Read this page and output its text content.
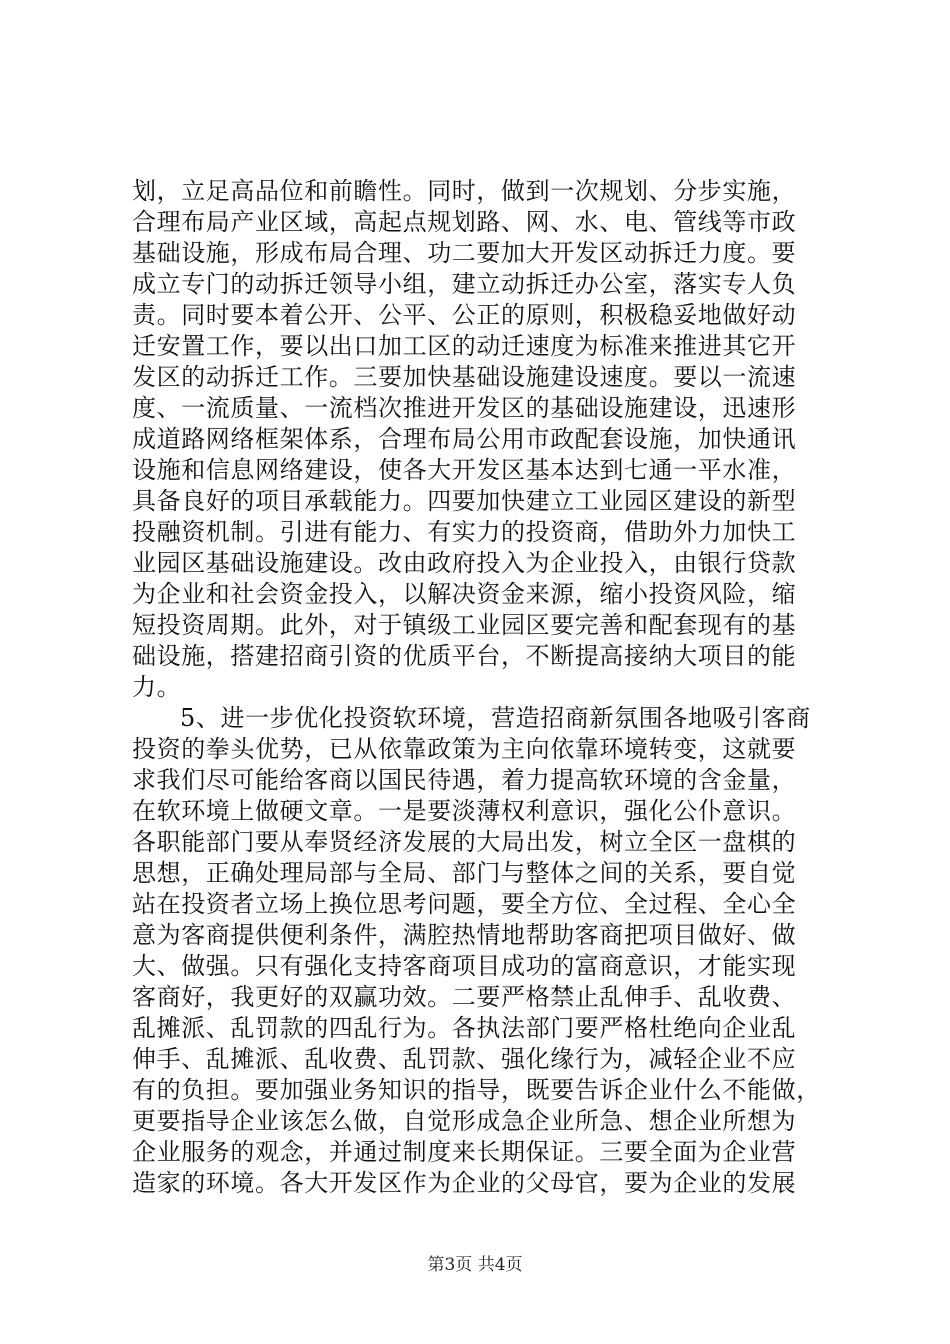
划，立足高品位和前瞻性。同时，做到一次规划、分步实施，
合理布局产业区域，高起点规划路、网、水、电、管线等市政
基础设施，形成布局合理、功二要加大开发区动拆迁力度。要
成立专门的动拆迁领导小组，建立动拆迁办公室，落实专人负
责。同时要本着公开、公平、公正的原则，积极稳妥地做好动
迁安置工作，要以出口加工区的动迁速度为标准来推进其它开
发区的动拆迁工作。三要加快基础设施建设速度。要以一流速
度、一流质量、一流档次推进开发区的基础设施建设，迅速形
成道路网络框架体系，合理布局公用市政配套设施，加快通讯
设施和信息网络建设，使各大开发区基本达到七通一平水准，
具备良好的项目承载能力。四要加快建立工业园区建设的新型
投融资机制。引进有能力、有实力的投资商，借助外力加快工
业园区基础设施建设。改由政府投入为企业投入，由银行贷款
为企业和社会资金投入，以解决资金来源，缩小投资风险，缩
短投资周期。此外，对于镇级工业园区要完善和配套现有的基
础设施，搭建招商引资的优质平台，不断提高接纳大项目的能
力。
5、进一步优化投资软环境，营造招商新氛围各地吸引客商
投资的拳头优势，已从依靠政策为主向依靠环境转变，这就要
求我们尽可能给客商以国民待遇，着力提高软环境的含金量，
在软环境上做硬文章。一是要淡薄权利意识，强化公仆意识。
各职能部门要从奉贤经济发展的大局出发，树立全区一盘棋的
思想，正确处理局部与全局、部门与整体之间的关系，要自觉
站在投资者立场上换位思考问题，要全方位、全过程、全心全
意为客商提供便利条件，满腔热情地帮助客商把项目做好、做
大、做强。只有强化支持客商项目成功的富商意识，才能实现
客商好，我更好的双赢功效。二要严格禁止乱伸手、乱收费、
乱摊派、乱罚款的四乱行为。各执法部门要严格杜绝向企业乱
伸手、乱摊派、乱收费、乱罚款、强化缘行为，减轻企业不应
有的负担。要加强业务知识的指导，既要告诉企业什么不能做，
更要指导企业该怎么做，自觉形成急企业所急、想企业所想为
企业服务的观念，并通过制度来长期保证。三要全面为企业营
造家的环境。各大开发区作为企业的父母官，要为企业的发展
第3页 共4页
